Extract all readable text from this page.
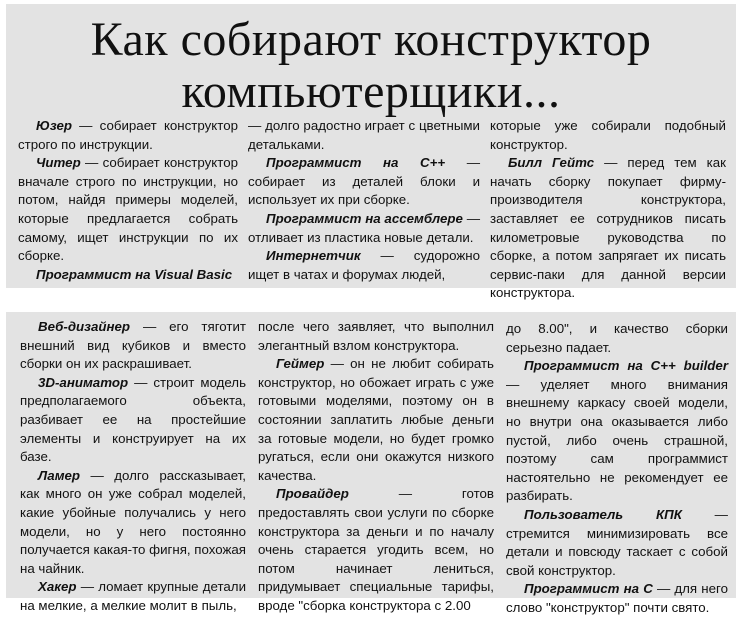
Как собирают конструктор
компьютерщики...

Юзер — собирает конструктор строго по инструкции.

Читер — собирает конструктор вначале строго по инструкции, но потом, найдя примеры моделей, которые предлагается собрать самому, ищет инструкции по их сборке.

Программист на Visual Basic

— долго радостно играет с цветными детальками.

Программист на C++ — собирает из деталей блоки и использует их при сборке.

Программист на ассемблере — отливает из пластика новые детали.

Интернетчик — судорожно ищет в чатах и форумах людей,

которые уже собирали подобный конструктор.

Билл Гейтс — перед тем как начать сборку покупает фирму-производителя конструктора, заставляет ее сотрудников писать километровые руководства по сборке, а потом запрягает их писать сервис-паки для данной версии конструктора.

Веб-дизайнер — его тяготит внешний вид кубиков и вместо сборки он их раскрашивает.

3D-аниматор — строит модель предполагаемого объекта, разбивает ее на простейшие элементы и конструирует на их базе.

Ламер — долго рассказывает, как много он уже собрал моделей, какие убойные получались у него модели, но у него постоянно получается какая-то фигня, похожая на чайник.

Хакер — ломает крупные детали на мелкие, а мелкие молит в пыль,

после чего заявляет, что выполнил элегантный взлом конструктора.

Геймер — он не любит собирать конструктор, но обожает играть с уже готовыми моделями, поэтому он в состоянии заплатить любые деньги за готовые модели, но будет громко ругаться, если они окажутся низкого качества.

Провайдер — готов предоставлять свои услуги по сборке конструктора за деньги и по началу очень старается угодить всем, но потом начинает лениться, придумывает специальные тарифы, вроде "сборка конструктора с 2.00

до 8.00", и качество сборки серьезно падает.

Программист на C++ builder — уделяет много внимания внешнему каркасу своей модели, но внутри она оказывается либо пустой, либо очень страшной, поэтому сам программист настоятельно не рекомендует ее разбирать.

Пользователь КПК — стремится минимизировать все детали и повсюду таскает с собой свой конструктор.

Программист на С — для него слово "конструктор" почти свято.
